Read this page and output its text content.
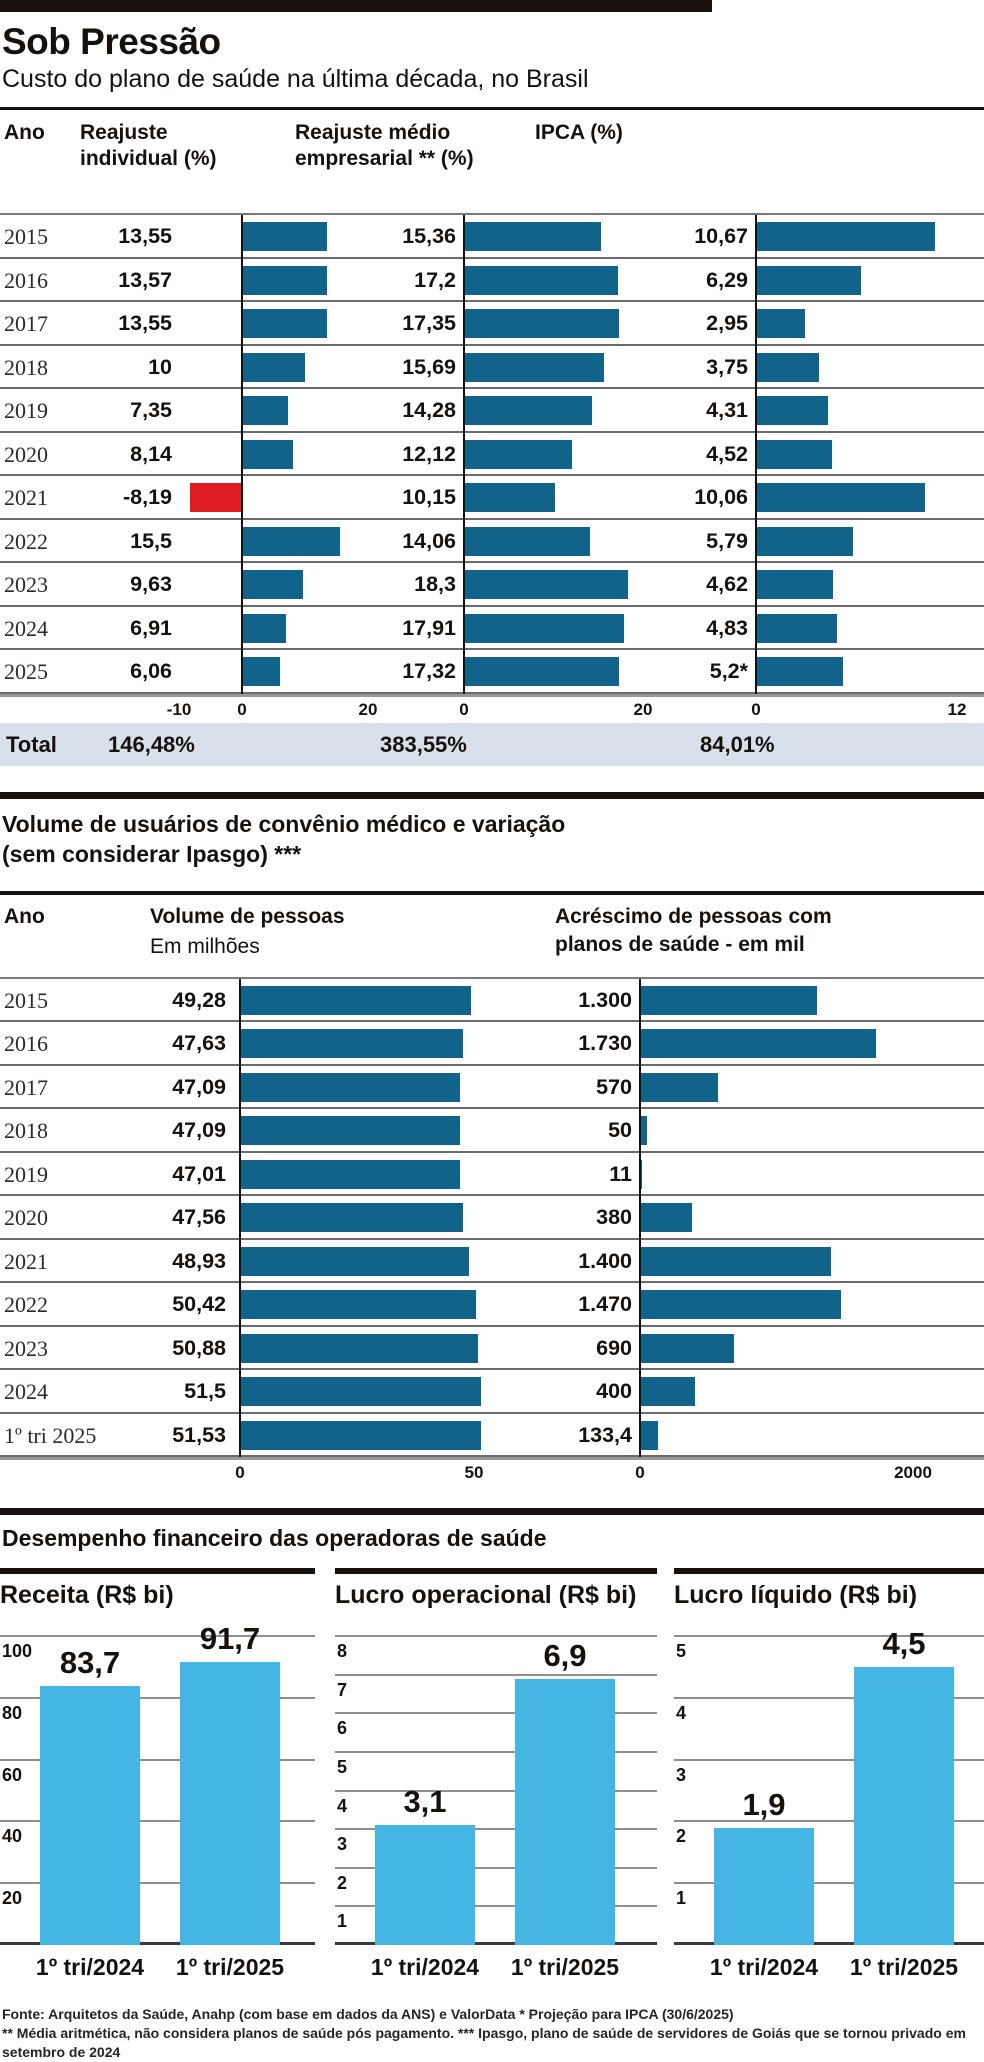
Sob Pressão
Custo do plano de saúde na última década, no Brasil
Ano Reajuste individual (%)
Reajuste médio empresarial ** (%)
IPCA (%)
2015	13,55	15,36	10,67
2016	13,57	17,2	6,29
2017	13,55	17,35	2,95
2018	10	15,69	3,75
2019	7,35	14,28	4,31
2020	8,14	12,12	4,52
2021	-8,19	10,15	10,06
2022	15,5	14,06	5,79
2023	9,63	18,3	4,62
2024	6,91	17,91	4,83
2025	6,06	17,32	5,2*
-10	0	20	0	20	0	12
Total 146,48%	383,55%	84,01%
Volume de usuários de convênio médico e variação
(sem considerar Ipasgo) ***
Ano	Volume de pessoas
Em milhões
Acréscimo de pessoas com planos de saúde - em mil
2015	49,28	1.300
2016	47,63	1.730
2017	47,09	570
2018	47,09	50
2019	47,01	11
2020	47,56	380
2021	48,93	1.400
2022	50,42	1.470
2023	50,88	690
2024	51,5	400
1º tri 2025	51,53	133,4
0	50	0	2000
Desempenho financeiro das operadoras de saúde
Receita (R$ bi)
100
80
60
40
20
83,7
91,7
1º tri/2024 1º tri/2025
Lucro operacional (R$ bi)
8
7
6
5
4
3
2
1
3,1
6,9
1º tri/2024 1º tri/2025
Lucro líquido (R$ bi)
5
4
3
2
1
1,9
4,5
1º tri/2024 1º tri/2025
Fonte: Arquitetos da Saúde, Anahp (com base em dados da ANS) e ValorData * Projeção para IPCA (30/6/2025)
** Média aritmética, não considera planos de saúde pós pagamento. *** Ipasgo, plano de saúde de servidores de Goiás que se tornou privado em setembro de 2024
